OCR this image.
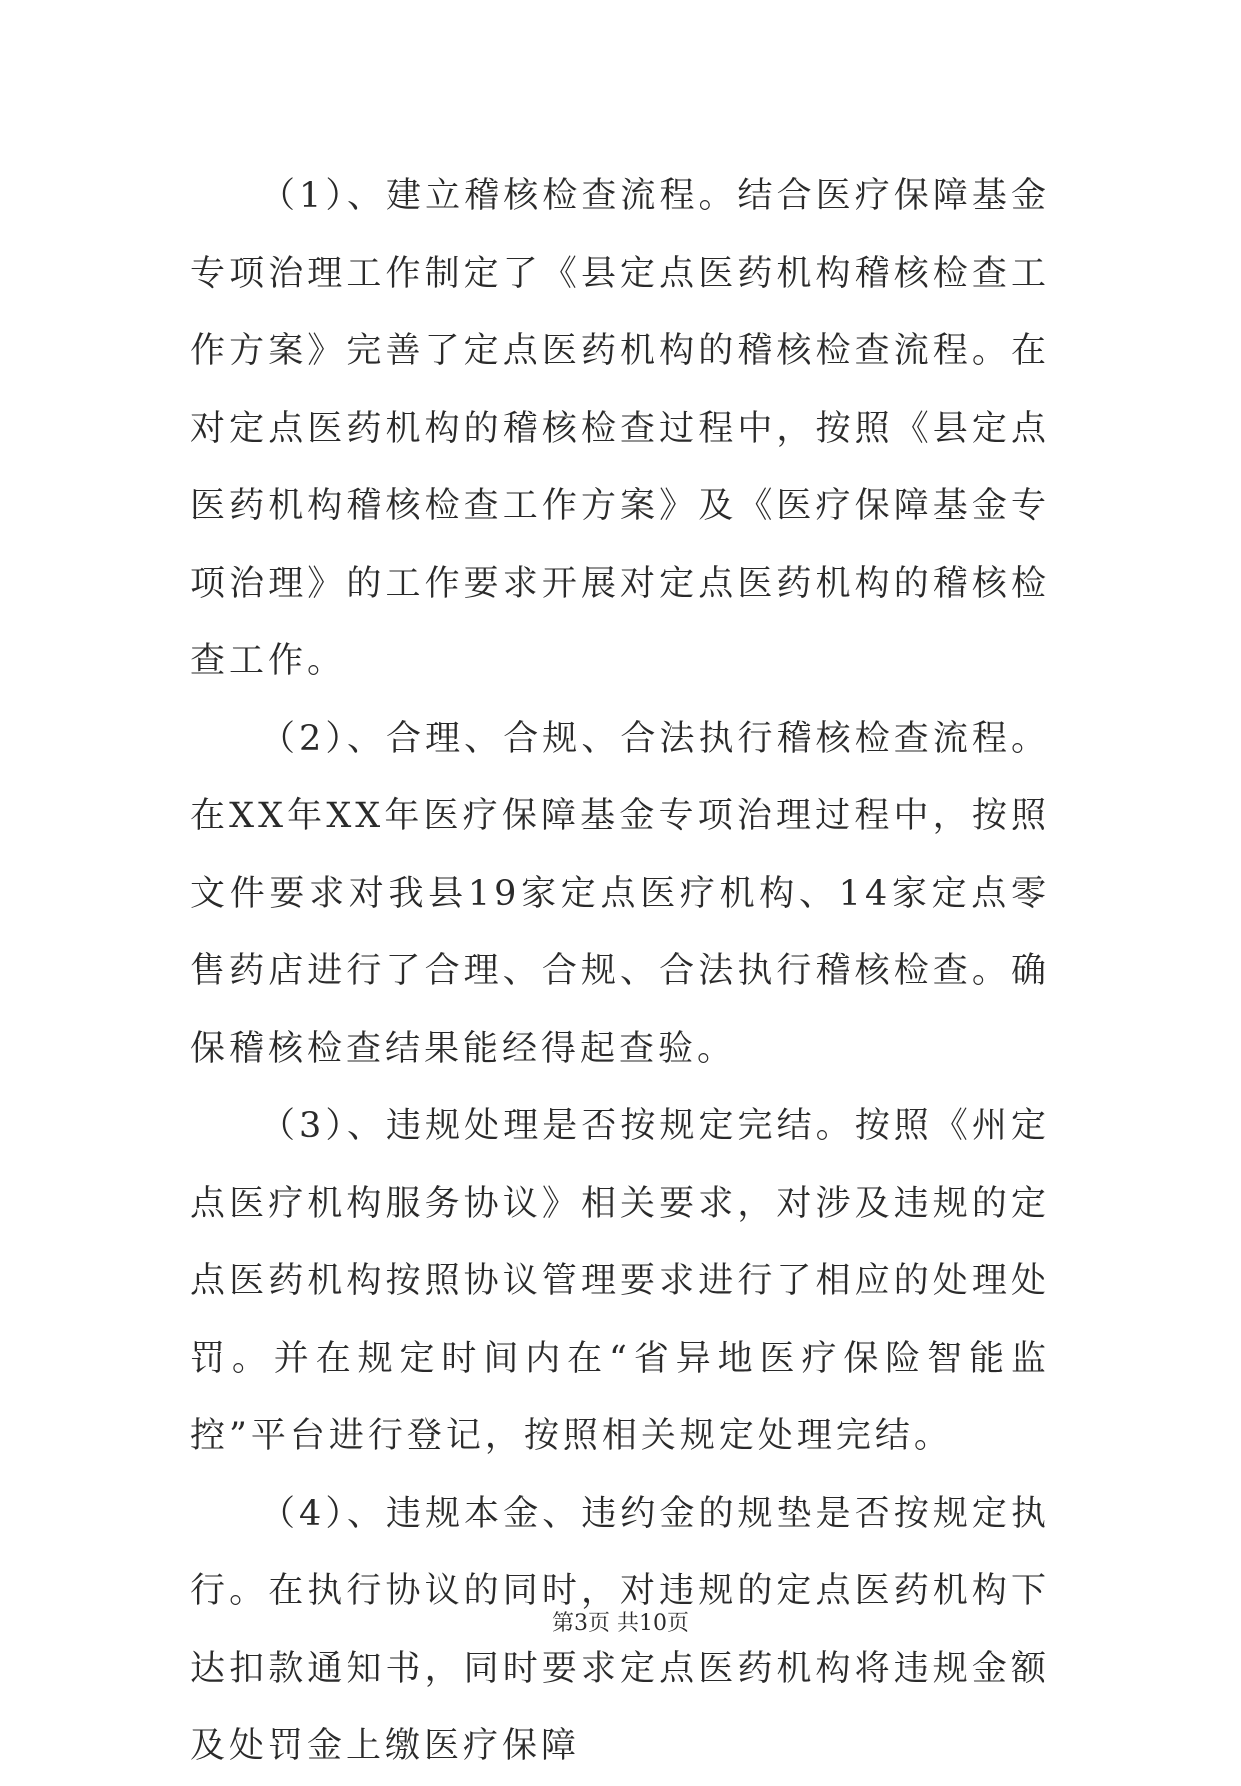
（1）、建立稽核检查流程。结合医疗保障基金专项治理工作制定了《县定点医药机构稽核检查工作方案》完善了定点医药机构的稽核检查流程。在对定点医药机构的稽核检查过程中，按照《县定点医药机构稽核检查工作方案》及《医疗保障基金专项治理》的工作要求开展对定点医药机构的稽核检查工作。

（2）、合理、合规、合法执行稽核检查流程。在XX年XX年医疗保障基金专项治理过程中，按照文件要求对我县19家定点医疗机构、14家定点零售药店进行了合理、合规、合法执行稽核检查。确保稽核检查结果能经得起查验。

（3）、违规处理是否按规定完结。按照《州定点医疗机构服务协议》相关要求，对涉及违规的定点医药机构按照协议管理要求进行了相应的处理处罚。并在规定时间内在“省异地医疗保险智能监控”平台进行登记，按照相关规定处理完结。

（4）、违规本金、违约金的规垫是否按规定执行。在执行协议的同时，对违规的定点医药机构下达扣款通知书，同时要求定点医药机构将违规金额及处罚金上缴医疗保障

第3页 共10页
